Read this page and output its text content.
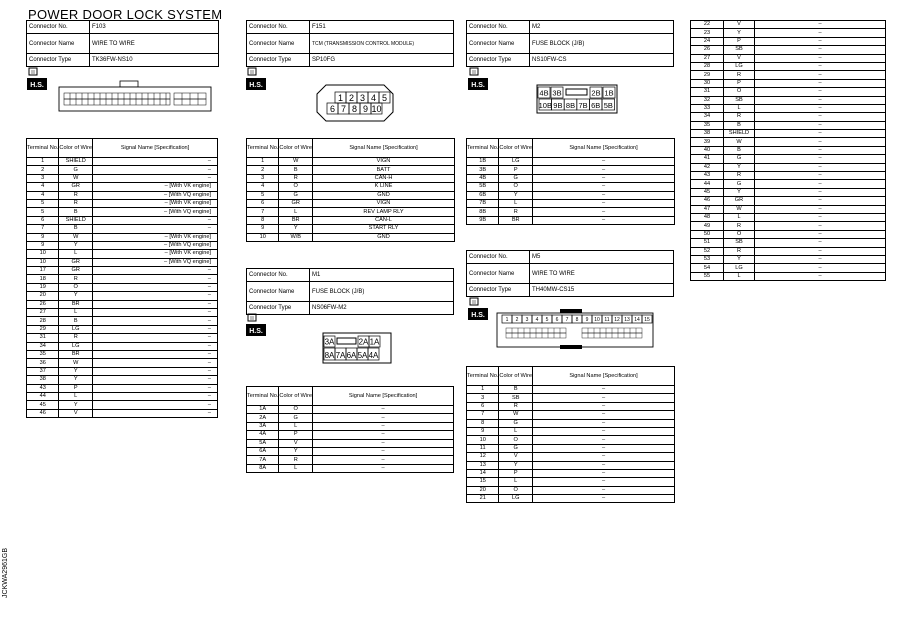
POWER DOOR LOCK SYSTEM
JCKWA2961GB
Connector No.	F103
Connector Name	WIRE TO WIRE
Connector Type	TK36FW-NS10
H.S.
Terminal No.	Color of Wire	Signal Name [Specification]
1	SHIELD	–
2	G	–
3	W	–
4	GR	– [With VK engine]
4	R	– [With VQ engine]
5	R	– [With VK engine]
5	B	– [With VQ engine]
6	SHIELD	–
7	B	–
9	W	– [With VK engine]
9	Y	– [With VQ engine]
10	L	– [With VK engine]
10	GR	– [With VQ engine]
17	GR	–
18	R	–
19	O	–
20	Y	–
26	BR	–
27	L	–
28	B	–
29	LG	–
31	R	–
34	LG	–
35	BR	–
36	W	–
37	Y	–
38	Y	–
43	P	–
44	L	–
45	Y	–
46	V	–
Connector No.	F151
Connector Name	TCM (TRANSMISSION CONTROL MODULE)
Connector Type	SP10FG
H.S.
1 2 3 4 5
6 7 8 9 10
Terminal No.	Color of Wire	Signal Name [Specification]
1	W	VIGN
2	B	BATT
3	R	CAN-H
4	O	K LINE
5	G	GND
6	GR	VIGN
7	L	REV LAMP RLY
8	BR	CAN-L
9	Y	START RLY
10	W/B	GND
Connector No.	M1
Connector Name	FUSE BLOCK (J/B)
Connector Type	NS06FW-M2
H.S.
3A	2A 1A
8A 7A 6A 5A 4A
Terminal No.	Color of Wire	Signal Name [Specification]
1A	O	–
2A	G	–
3A	L	–
4A	P	–
5A	V	–
6A	Y	–
7A	R	–
8A	L	–
Connector No.	M2
Connector Name	FUSE BLOCK (J/B)
Connector Type	NS10FW-CS
H.S.
4B 3B	2B 1B
10B 9B 8B 7B 6B 5B
Terminal No.	Color of Wire	Signal Name [Specification]
1B	LG	–
3B	P	–
4B	G	–
5B	O	–
6B	Y	–
7B	L	–
8B	R	–
9B	BR	–
Connector No.	M5
Connector Name	WIRE TO WIRE
Connector Type	TH40MW-CS15
H.S.
1 2 3 4 5 6 7 8 9 10 11 12 13 14 15
Terminal No.	Color of Wire	Signal Name [Specification]
1	B	–
3	SB	–
6	R	–
7	W	–
8	G	–
9	L	–
10	O	–
11	G	–
12	V	–
13	Y	–
14	P	–
15	L	–
20	O	–
21	LG	–
22	V	–
23	Y	–
24	P	–
26	SB	–
27	V	–
28	LG	–
29	R	–
30	P	–
31	O	–
32	SB	–
33	L	–
34	R	–
35	B	–
38	SHIELD	–
39	W	–
40	B	–
41	G	–
42	Y	–
43	R	–
44	G	–
45	Y	–
46	GR	–
47	W	–
48	L	–
49	R	–
50	O	–
51	SB	–
52	R	–
53	Y	–
54	LG	–
55	L	–
